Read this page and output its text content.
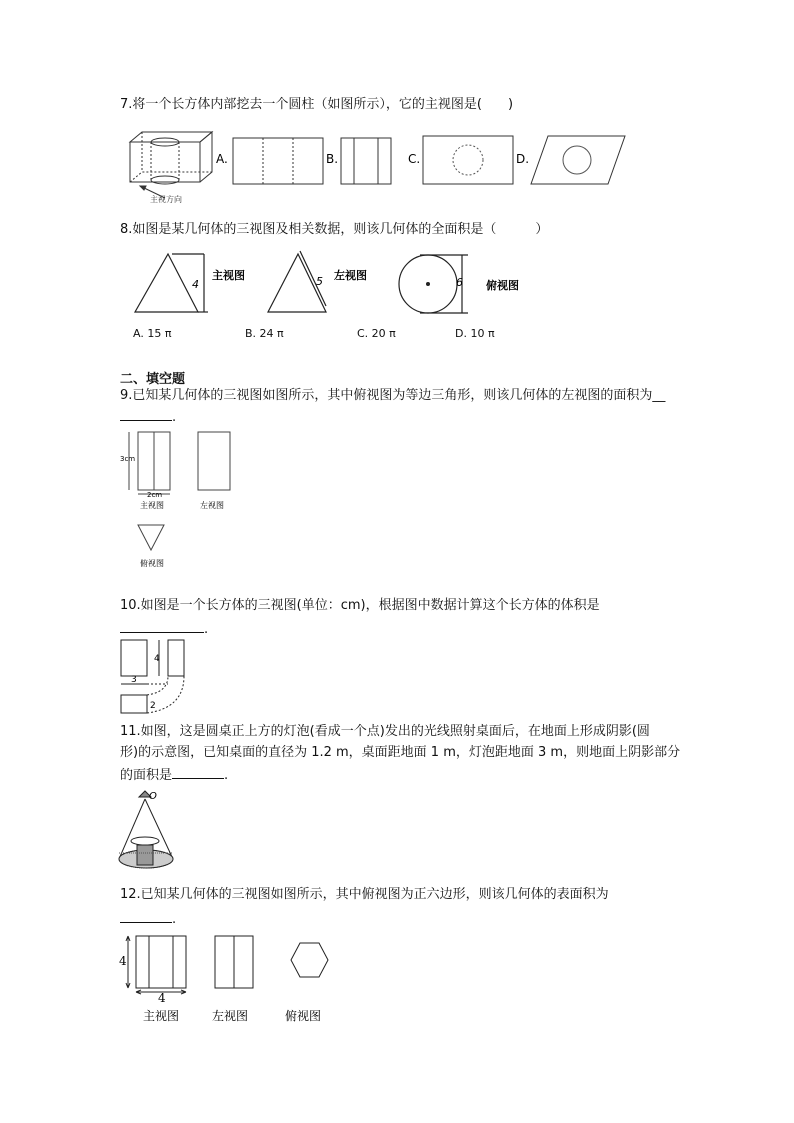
7.将一个长方体内部挖去一个圆柱（如图所示），它的主视图是(　　)
主视方向
A.	B.	C.	D.
8.如图是某几何体的三视图及相关数据，则该几何体的全面积是（　　　）
4
主视图	5 左视图
6 俯视图
A. 15 π	B. 24 π	C. 20 π	D. 10 π
二、填空题
9.已知某几何体的三视图如图所示，其中俯视图为等边三角形，则该几何体的左视图的面积为__
.
3cm
2cm
主视图	左视图
俯视图
10.如图是一个长方体的三视图(单位：cm)，根据图中数据计算这个长方体的体积是
.
4
3
2
11.如图，这是圆桌正上方的灯泡(看成一个点)发出的光线照射桌面后，在地面上形成阴影(圆
形)的示意图，已知桌面的直径为 1.2 m，桌面距地面 1 m，灯泡距地面 3 m，则地面上阴影部分
的面积是	.
O
12.已知某几何体的三视图如图所示，其中俯视图为正六边形，则该几何体的表面积为
.
4
4
主视图	左视图	俯视图
